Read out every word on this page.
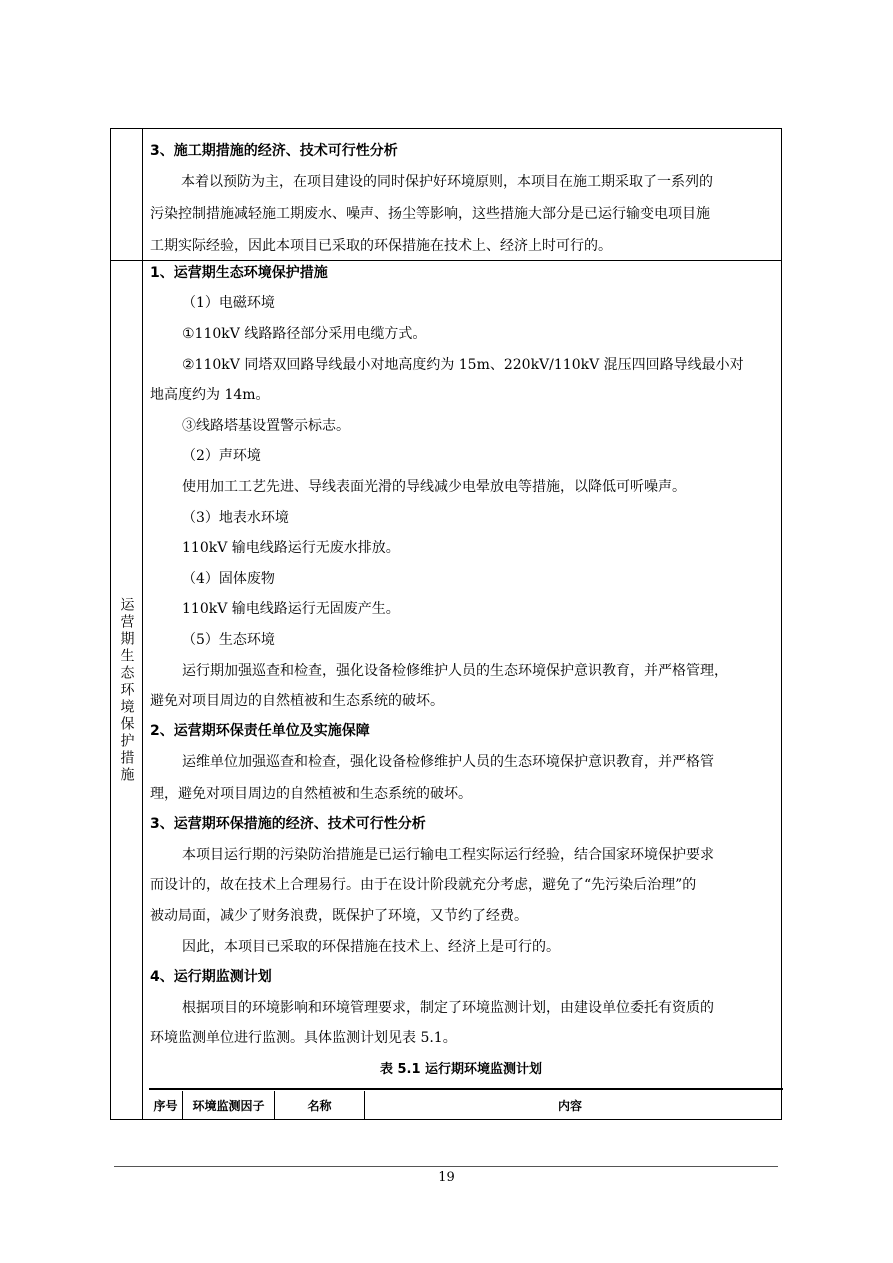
运营期生态环境保护措施
3、施工期措施的经济、技术可行性分析
本着以预防为主，在项目建设的同时保护好环境原则，本项目在施工期采取了一系列的
污染控制措施减轻施工期废水、噪声、扬尘等影响，这些措施大部分是已运行输变电项目施
工期实际经验，因此本项目已采取的环保措施在技术上、经济上时可行的。
1、运营期生态环境保护措施
（1）电磁环境
①110kV 线路路径部分采用电缆方式。
②110kV 同塔双回路导线最小对地高度约为 15m、220kV/110kV 混压四回路导线最小对
地高度约为 14m。
③线路塔基设置警示标志。
（2）声环境
使用加工工艺先进、导线表面光滑的导线减少电晕放电等措施，以降低可听噪声。
（3）地表水环境
110kV 输电线路运行无废水排放。
（4）固体废物
110kV 输电线路运行无固废产生。
（5）生态环境
运行期加强巡查和检查，强化设备检修维护人员的生态环境保护意识教育，并严格管理，
避免对项目周边的自然植被和生态系统的破坏。
2、运营期环保责任单位及实施保障
运维单位加强巡查和检查，强化设备检修维护人员的生态环境保护意识教育，并严格管
理，避免对项目周边的自然植被和生态系统的破坏。
3、运营期环保措施的经济、技术可行性分析
本项目运行期的污染防治措施是已运行输电工程实际运行经验，结合国家环境保护要求
而设计的，故在技术上合理易行。由于在设计阶段就充分考虑，避免了“先污染后治理”的
被动局面，减少了财务浪费，既保护了环境，又节约了经费。
因此，本项目已采取的环保措施在技术上、经济上是可行的。
4、运行期监测计划
根据项目的环境影响和环境管理要求，制定了环境监测计划，由建设单位委托有资质的
环境监测单位进行监测。具体监测计划见表 5.1。
表 5.1 运行期环境监测计划
序号	环境监测因子	名称	内容
19
